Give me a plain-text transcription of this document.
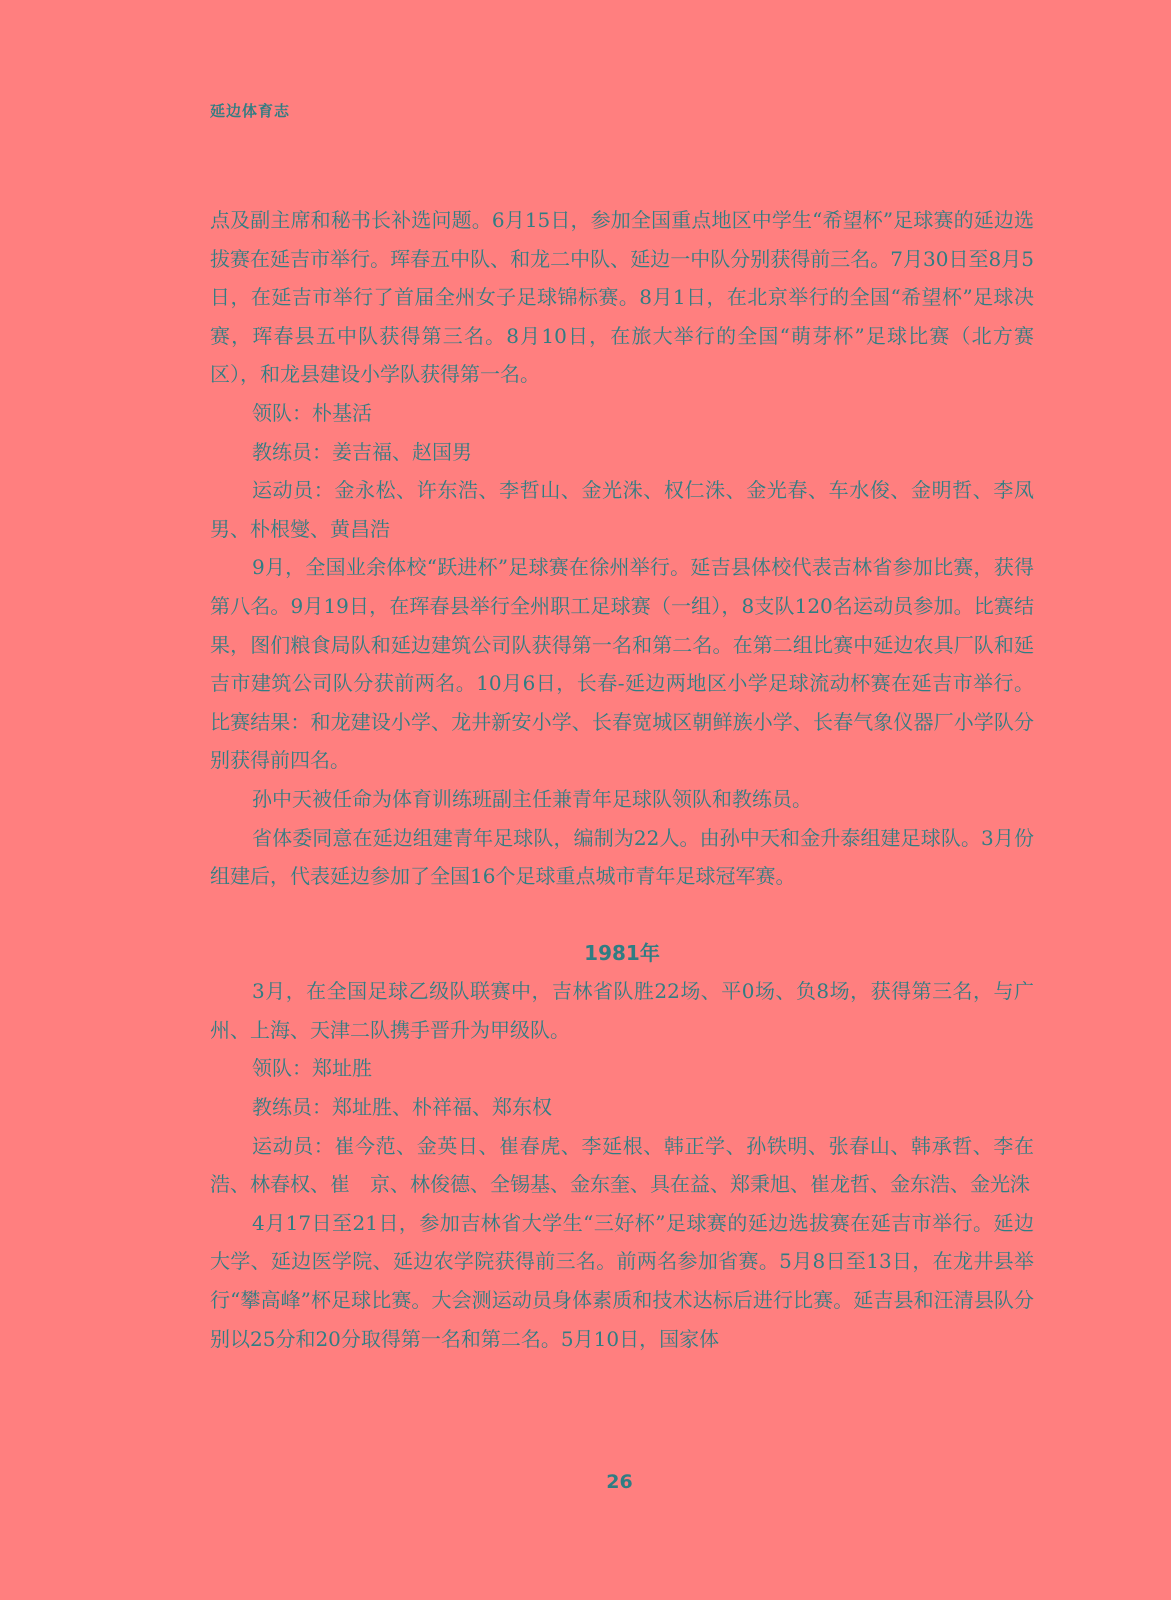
延边体育志

点及副主席和秘书长补选问题。6月15日，参加全国重点地区中学生“希望杯”足球赛的延边选拔赛在延吉市举行。珲春五中队、和龙二中队、延边一中队分别获得前三名。7月30日至8月5日，在延吉市举行了首届全州女子足球锦标赛。8月1日，在北京举行的全国“希望杯”足球决赛，珲春县五中队获得第三名。8月10日，在旅大举行的全国“萌芽杯”足球比赛（北方赛区），和龙县建设小学队获得第一名。

领队：朴基活

教练员：姜吉福、赵国男

运动员：金永松、许东浩、李哲山、金光洙、权仁洙、金光春、车水俊、金明哲、李凤男、朴根燮、黄昌浩

9月，全国业余体校“跃进杯”足球赛在徐州举行。延吉县体校代表吉林省参加比赛，获得第八名。9月19日，在珲春县举行全州职工足球赛（一组），8支队120名运动员参加。比赛结果，图们粮食局队和延边建筑公司队获得第一名和第二名。在第二组比赛中延边农具厂队和延吉市建筑公司队分获前两名。10月6日，长春-延边两地区小学足球流动杯赛在延吉市举行。比赛结果：和龙建设小学、龙井新安小学、长春宽城区朝鲜族小学、长春气象仪器厂小学队分别获得前四名。

孙中天被任命为体育训练班副主任兼青年足球队领队和教练员。

省体委同意在延边组建青年足球队，编制为22人。由孙中天和金升泰组建足球队。3月份组建后，代表延边参加了全国16个足球重点城市青年足球冠军赛。

1981年

3月，在全国足球乙级队联赛中，吉林省队胜22场、平0场、负8场，获得第三名，与广州、上海、天津二队携手晋升为甲级队。

领队：郑址胜

教练员：郑址胜、朴祥福、郑东权

运动员：崔今范、金英日、崔春虎、李延根、韩正学、孙铁明、张春山、韩承哲、李在浩、林春权、崔　京、林俊德、全锡基、金东奎、具在益、郑秉旭、崔龙哲、金东浩、金光洙

4月17日至21日，参加吉林省大学生“三好杯”足球赛的延边选拔赛在延吉市举行。延边大学、延边医学院、延边农学院获得前三名。前两名参加省赛。5月8日至13日，在龙井县举行“攀高峰”杯足球比赛。大会测运动员身体素质和技术达标后进行比赛。延吉县和汪清县队分别以25分和20分取得第一名和第二名。5月10日，国家体

26
